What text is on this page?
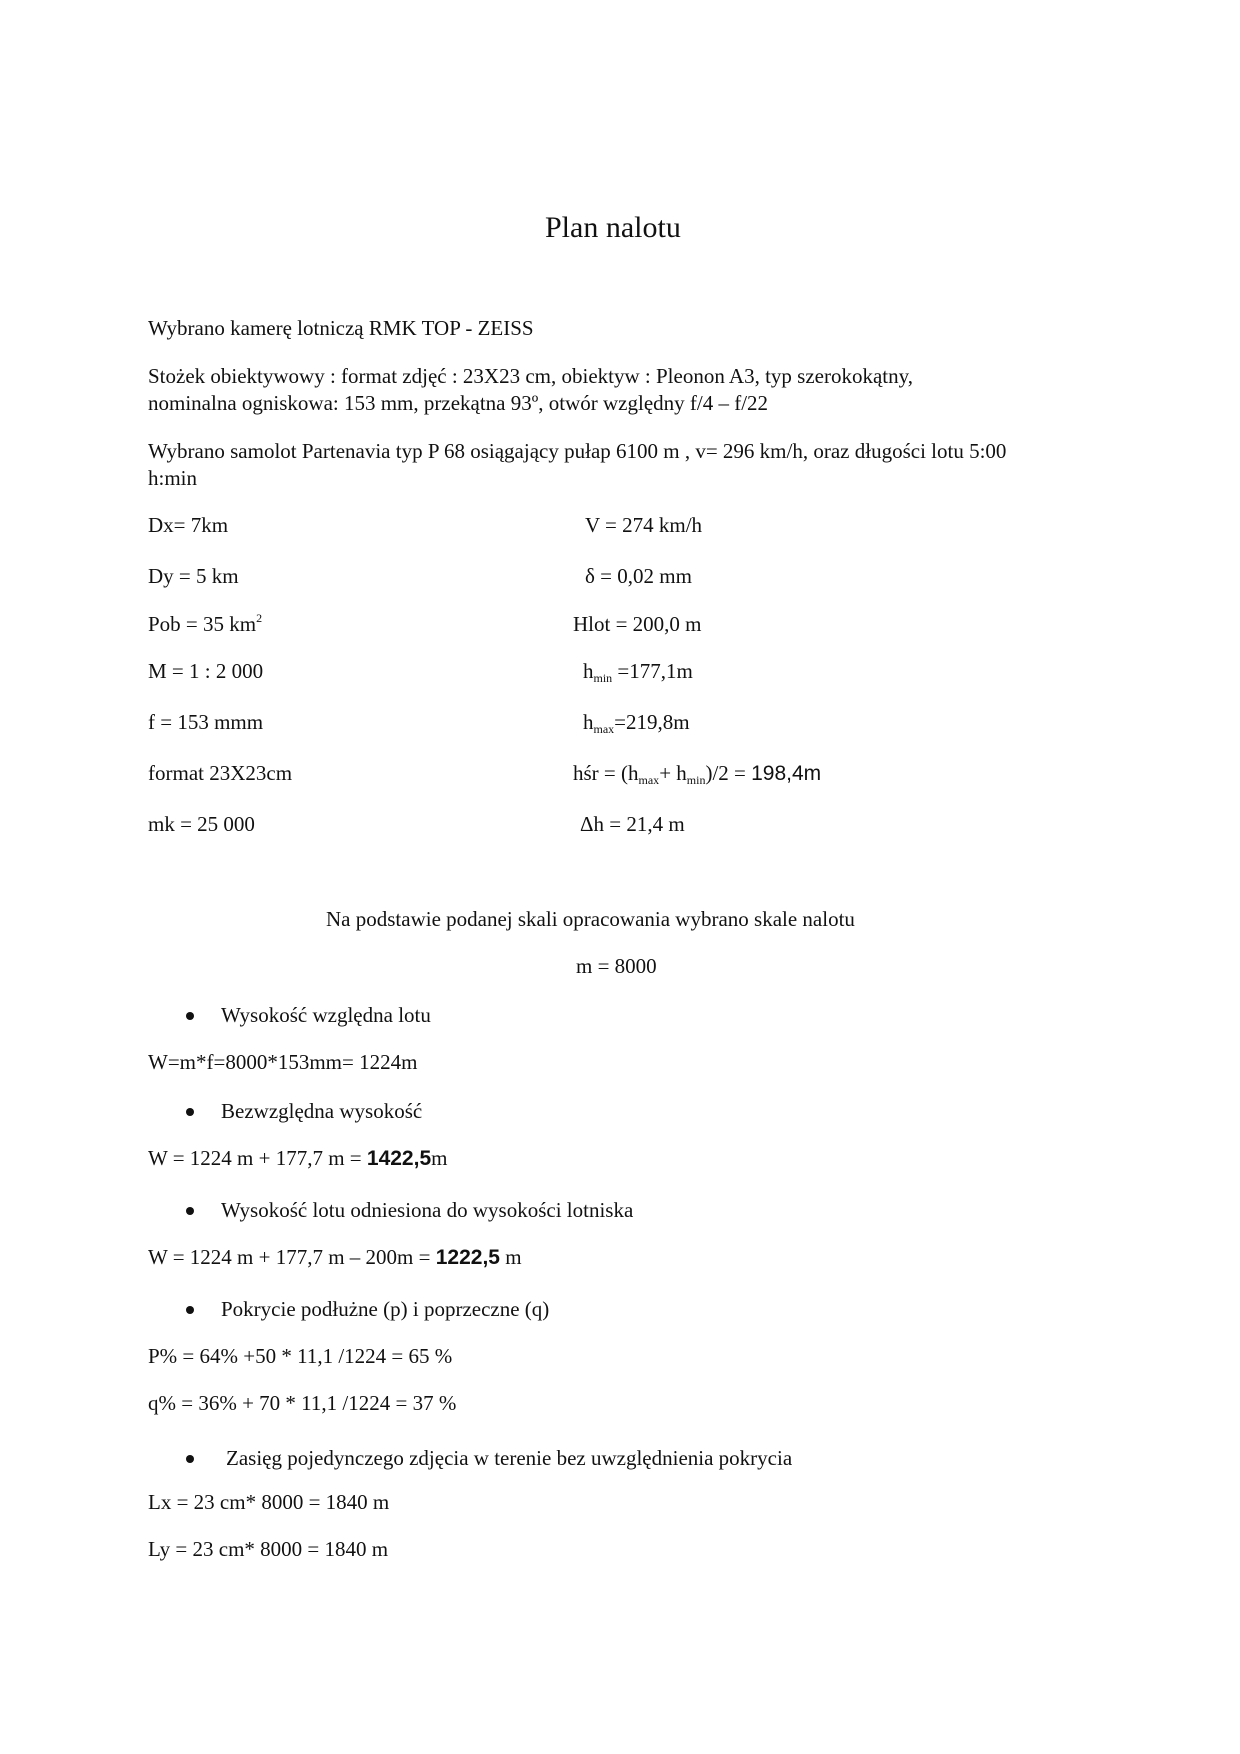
Plan nalotu
Wybrano kamerę lotniczą RMK TOP - ZEISS
Stożek obiektywowy : format zdjęć : 23X23 cm, obiektyw : Pleonon A3, typ szerokokątny,
nominalna ogniskowa: 153 mm, przekątna 93º, otwór względny f/4 – f/22
Wybrano samolot Partenavia typ P 68 osiągający pułap 6100 m , v= 296 km/h, oraz długości lotu 5:00
h:min
Dx= 7km
Dy = 5 km
Pob = 35 $km^2$
M = 1 : 2 000
f = 153 mmm
format 23X23cm
mk = 25 000
V = 274 km/h
δ = 0,02 mm
Hlot = 200,0 m
$h_{min} =177,1m$
$h_{max}=219,8m$
hśr = $(h_{max}+ h_{min})/2 = 198,4m$
Δh = 21,4 m
Na podstawie podanej skali opracowania wybrano skale nalotu
m = 8000
Wysokość względna lotu
W=m*f=8000*153mm= 1224m
Bezwzględna wysokość
W = 1224 m + 177,7 m = 1422,5m
Wysokość lotu odniesiona do wysokości lotniska
W = 1224 m + 177,7 m – 200m = 1222,5 m
Pokrycie podłużne (p) i poprzeczne (q)
P% = 64% +50 * 11,1 /1224 = 65 %
q% = 36% + 70 * 11,1 /1224 = 37 %
Zasięg pojedynczego zdjęcia w terenie bez uwzględnienia pokrycia
Lx = 23 cm* 8000 = 1840 m
Ly = 23 cm* 8000 = 1840 m
